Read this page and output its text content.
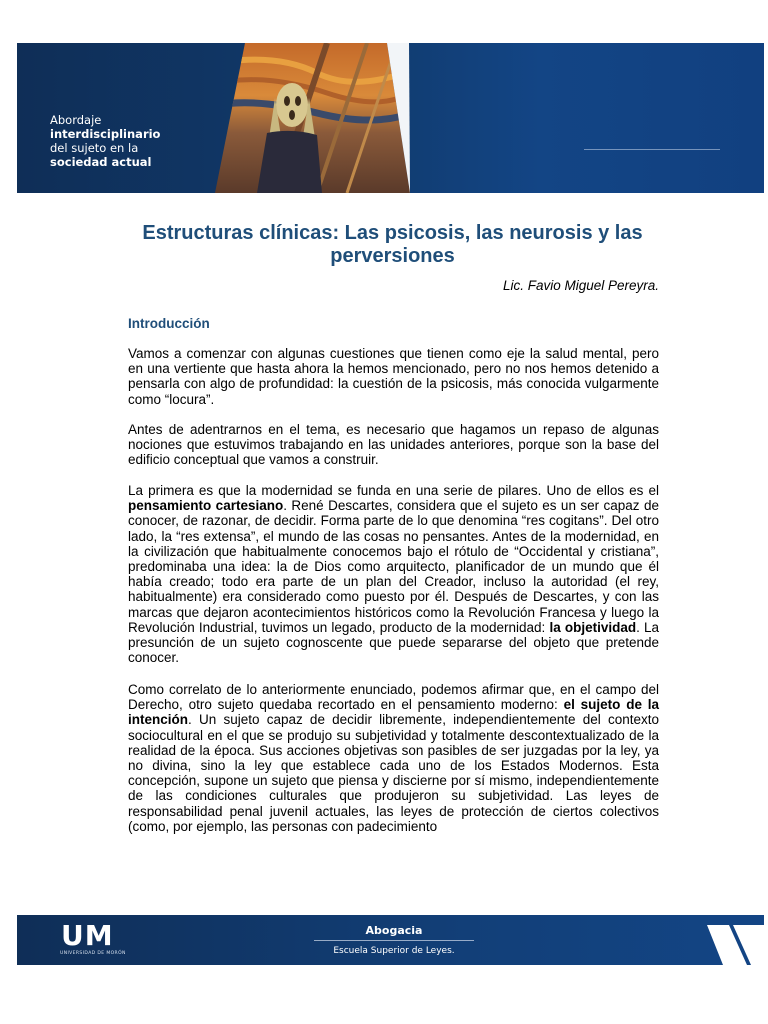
Abordaje
interdisciplinario
del sujeto en la
sociedad actual
Estructuras clínicas: Las psicosis, las neurosis y las perversiones
Lic. Favio Miguel Pereyra.
Introducción
Vamos a comenzar con algunas cuestiones que tienen como eje la salud mental, pero en una vertiente que hasta ahora la hemos mencionado, pero no nos hemos detenido a pensarla con algo de profundidad: la cuestión de la psicosis, más conocida vulgarmente como “locura”.
Antes de adentrarnos en el tema, es necesario que hagamos un repaso de algunas nociones que estuvimos trabajando en las unidades anteriores, porque son la base del edificio conceptual que vamos a construir.
La primera es que la modernidad se funda en una serie de pilares. Uno de ellos es el pensamiento cartesiano. René Descartes, considera que el sujeto es un ser capaz de conocer, de razonar, de decidir. Forma parte de lo que denomina “res cogitans”. Del otro lado, la “res extensa”, el mundo de las cosas no pensantes. Antes de la modernidad, en la civilización que habitualmente conocemos bajo el rótulo de “Occidental y cristiana”, predominaba una idea: la de Dios como arquitecto, planificador de un mundo que él había creado; todo era parte de un plan del Creador, incluso la autoridad (el rey, habitualmente) era considerado como puesto por él. Después de Descartes, y con las marcas que dejaron acontecimientos históricos como la Revolución Francesa y luego la Revolución Industrial, tuvimos un legado, producto de la modernidad: la objetividad. La presunción de un sujeto cognoscente que puede separarse del objeto que pretende conocer.
Como correlato de lo anteriormente enunciado, podemos afirmar que, en el campo del Derecho, otro sujeto quedaba recortado en el pensamiento moderno: el sujeto de la intención. Un sujeto capaz de decidir libremente, independientemente del contexto sociocultural en el que se produjo su subjetividad y totalmente descontextualizado de la realidad de la época. Sus acciones objetivas son pasibles de ser juzgadas por la ley, ya no divina, sino la ley que establece cada uno de los Estados Modernos. Esta concepción, supone un sujeto que piensa y discierne por sí mismo, independientemente de las condiciones culturales que produjeron su subjetividad. Las leyes de responsabilidad penal juvenil actuales, las leyes de protección de ciertos colectivos (como, por ejemplo, las personas con padecimiento
UM
UNIVERSIDAD DE MORÓN
Abogacia
Escuela Superior de Leyes.
